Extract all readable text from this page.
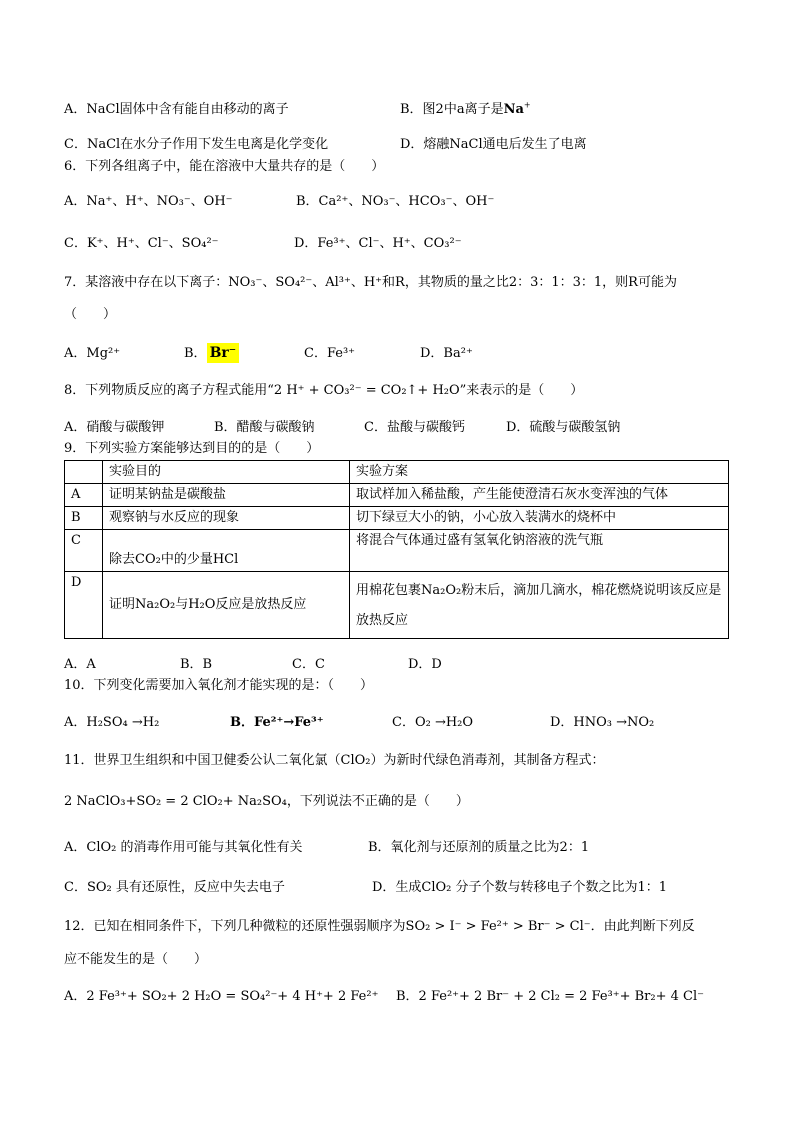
A．NaCl固体中含有能自由移动的离子	B．图2中a离子是Na+
C．NaCl在水分子作用下发生电离是化学变化	D．熔融NaCl通电后发生了电离
6．下列各组离子中，能在溶液中大量共存的是（　　）
A．Na⁺、H⁺、NO₃⁻、OH⁻	B．Ca²⁺、NO₃⁻、HCO₃⁻、OH⁻
C．K⁺、H⁺、Cl⁻、SO₄²⁻	D．Fe³⁺、Cl⁻、H⁺、CO₃²⁻
7．某溶液中存在以下离子：NO₃⁻、SO₄²⁻、Al³⁺、H⁺和R，其物质的量之比2：3：1：3：1，则R可能为
（　　）
A．Mg²⁺	B． Br⁻	C．Fe³⁺	D．Ba²⁺
8．下列物质反应的离子方程式能用“2 H⁺ + CO₃²⁻ = CO₂↑+ H₂O”来表示的是（　　）
A．硝酸与碳酸钾	B．醋酸与碳酸钠	C．盐酸与碳酸钙	D．硫酸与碳酸氢钠
9．下列实验方案能够达到目的的是（　　）
	实验目的	实验方案
A	证明某钠盐是碳酸盐	取试样加入稀盐酸，产生能使澄清石灰水变浑浊的气体
B	观察钠与水反应的现象	切下绿豆大小的钠，小心放入装满水的烧杯中
C	除去CO₂中的少量HCl	将混合气体通过盛有氢氧化钠溶液的洗气瓶
D	证明Na₂O₂与H₂O反应是放热反应	用棉花包裹Na₂O₂粉末后，滴加几滴水，棉花燃烧说明该反应是放热反应
A．A	B．B	C．C	D．D
10．下列变化需要加入氧化剂才能实现的是：（　　）
A．H₂SO₄ →H₂	B．Fe²⁺→Fe³⁺	C．O₂ →H₂O	D．HNO₃ →NO₂
11．世界卫生组织和中国卫健委公认二氧化氯（ClO₂）为新时代绿色消毒剂，其制备方程式：
2 NaClO₃+SO₂ = 2 ClO₂+ Na₂SO₄，下列说法不正确的是（　　）
A．ClO₂ 的消毒作用可能与其氧化性有关	B．氧化剂与还原剂的质量之比为2：1
C．SO₂ 具有还原性，反应中失去电子	D．生成ClO₂ 分子个数与转移电子个数之比为1：1
12．已知在相同条件下，下列几种微粒的还原性强弱顺序为SO₂ > I⁻ > Fe²⁺ > Br⁻ > Cl⁻．由此判断下列反
应不能发生的是（　　）
A．2 Fe³⁺+ SO₂+ 2 H₂O = SO₄²⁻+ 4 H⁺+ 2 Fe²⁺ B．2 Fe²⁺+ 2 Br⁻ + 2 Cl₂ = 2 Fe³⁺+ Br₂+ 4 Cl⁻
